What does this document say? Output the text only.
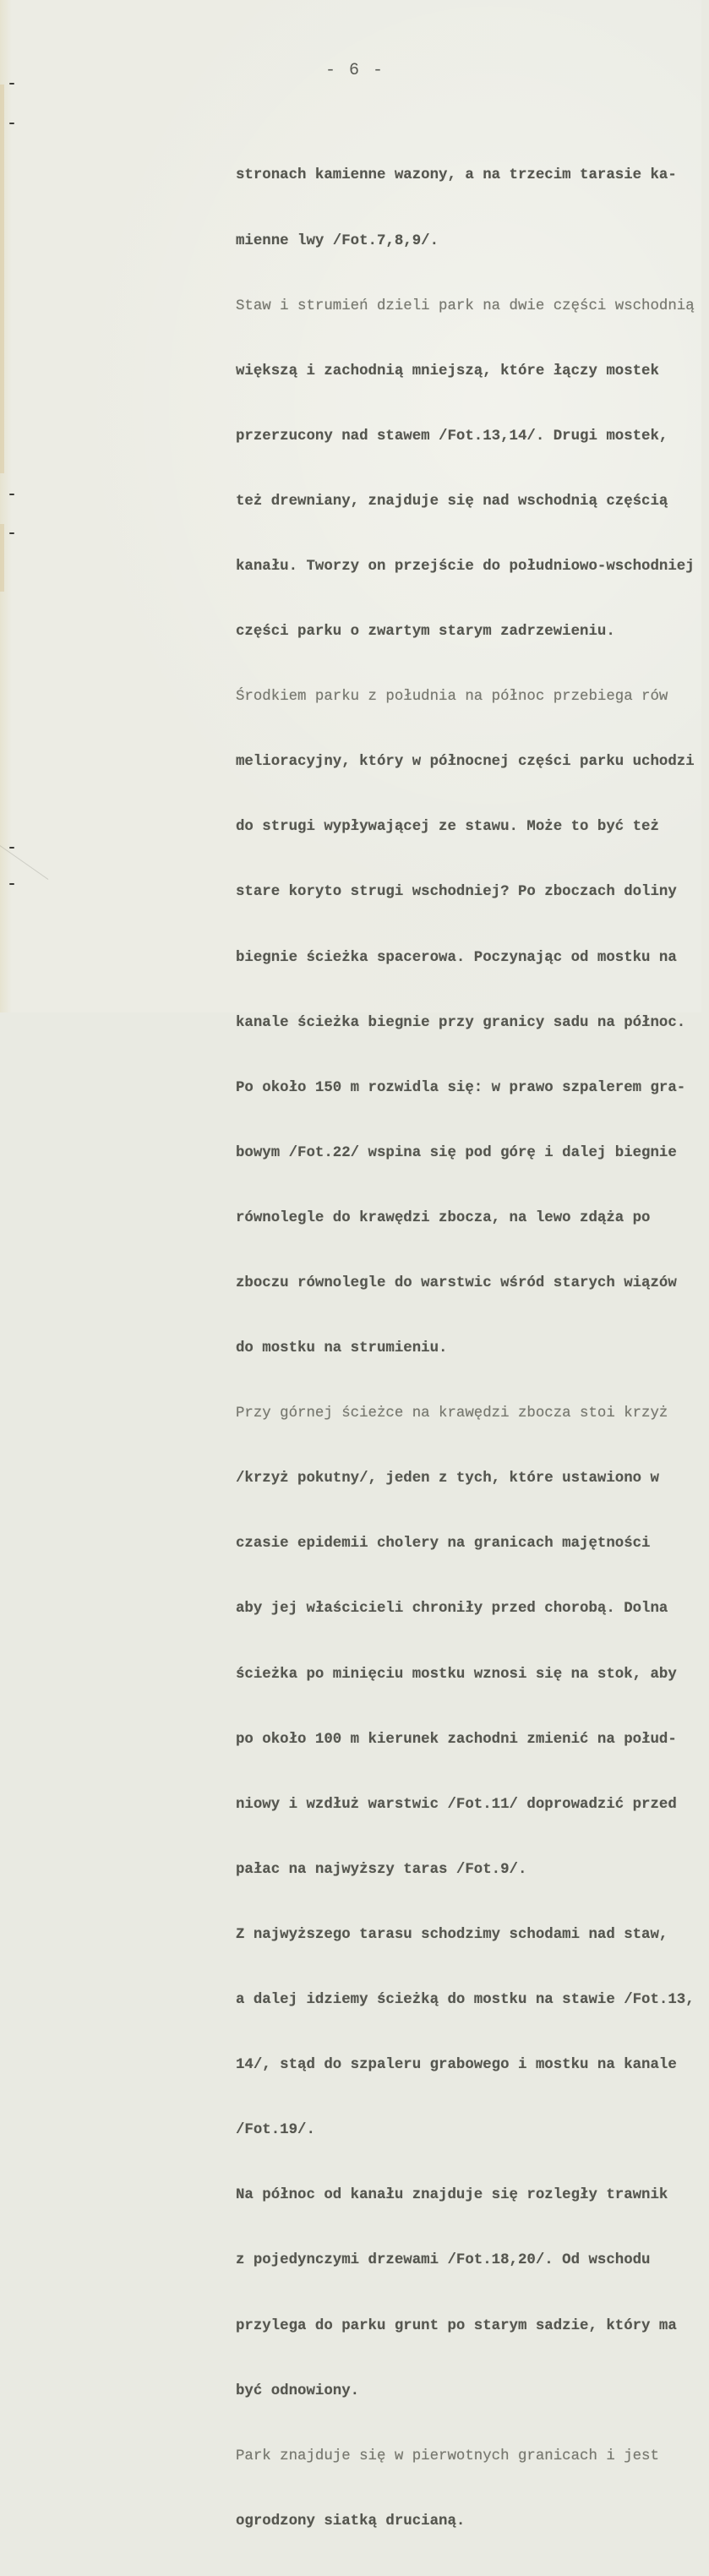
- 6 -

stronach kamienne wazony, a na trzecim tarasie ka-

mienne lwy /Fot.7,8,9/.

Staw i strumień dzieli park na dwie części wschodnią

większą i zachodnią mniejszą, które łączy mostek

przerzucony nad stawem /Fot.13,14/. Drugi mostek,

też drewniany, znajduje się nad wschodnią częścią

kanału. Tworzy on przejście do południowo-wschodniej

części parku o zwartym starym zadrzewieniu.

Środkiem parku z południa na północ przebiega rów

melioracyjny, który w północnej części parku uchodzi

do strugi wypływającej ze stawu. Może to być też

stare koryto strugi wschodniej? Po zboczach doliny

biegnie ścieżka spacerowa. Poczynając od mostku na

kanale ścieżka biegnie przy granicy sadu na północ.

Po około 150 m rozwidla się: w prawo szpalerem gra-

bowym /Fot.22/ wspina się pod górę i dalej biegnie

równolegle do krawędzi zbocza, na lewo zdąża po

zboczu równolegle do warstwic wśród starych wiązów

do mostku na strumieniu.

Przy górnej ścieżce na krawędzi zbocza stoi krzyż

/krzyż pokutny/, jeden z tych, które ustawiono w

czasie epidemii cholery na granicach majętności

aby jej właścicieli chroniły przed chorobą. Dolna

ścieżka po minięciu mostku wznosi się na stok, aby

po około 100 m kierunek zachodni zmienić na połud-

niowy i wzdłuż warstwic /Fot.11/ doprowadzić przed

pałac na najwyższy taras /Fot.9/.

Z najwyższego tarasu schodzimy schodami nad staw,

a dalej idziemy ścieżką do mostku na stawie /Fot.13,

14/, stąd do szpaleru grabowego i mostku na kanale

/Fot.19/.

Na północ od kanału znajduje się rozległy trawnik

z pojedynczymi drzewami /Fot.18,20/. Od wschodu

przylega do parku grunt po starym sadzie, który ma

być odnowiony.

Park znajduje się w pierwotnych granicach i jest

ogrodzony siatką drucianą.
